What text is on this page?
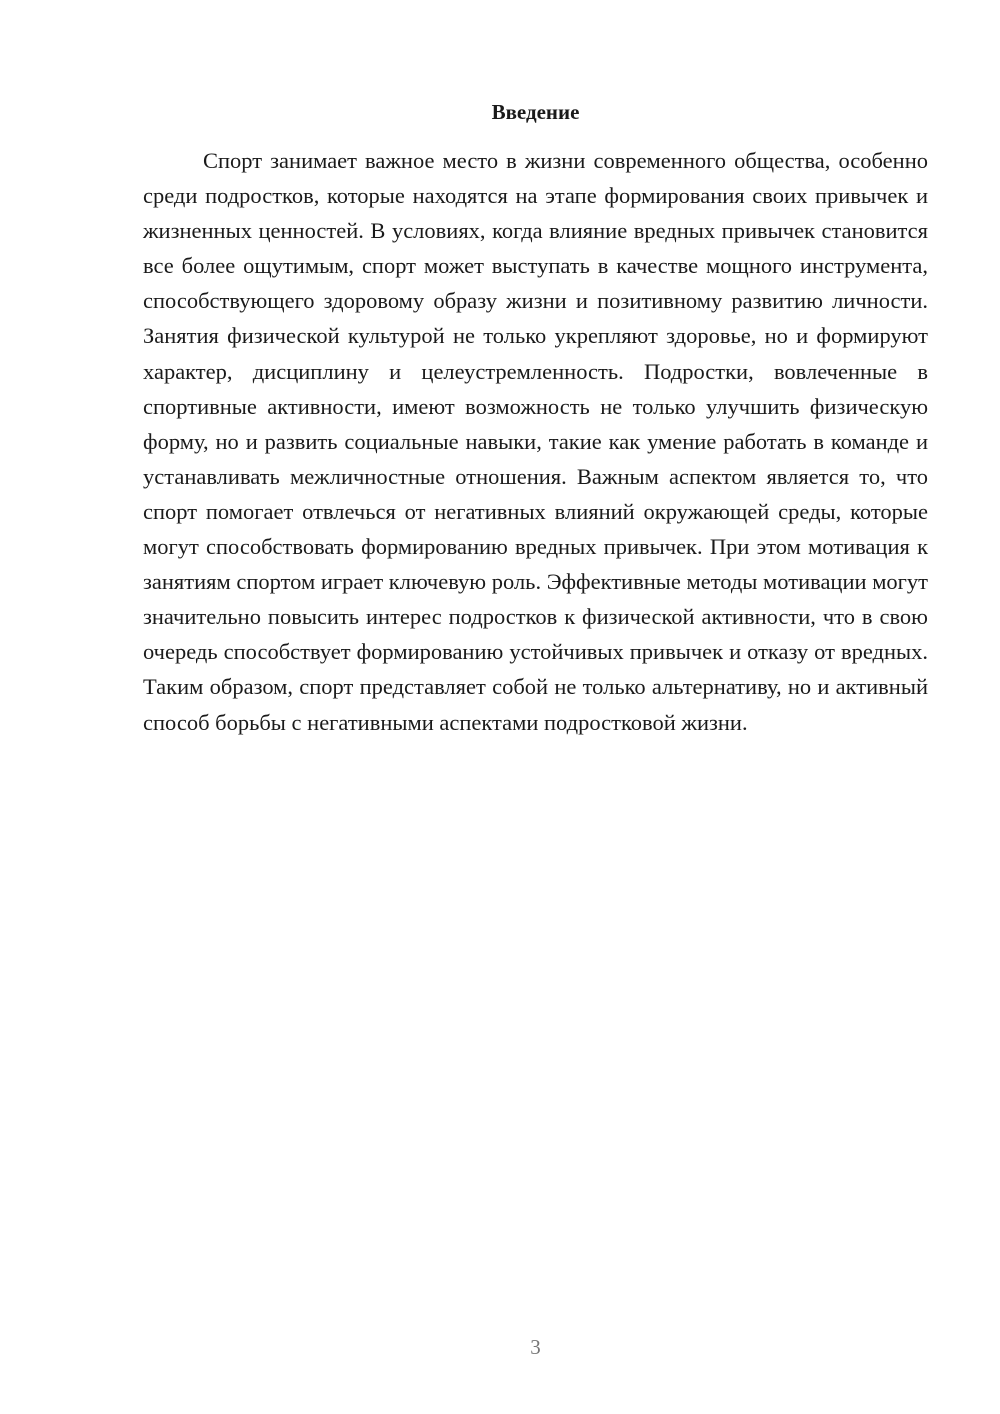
Введение

Спорт занимает важное место в жизни современного общества, особенно среди подростков, которые находятся на этапе формирования своих привычек и жизненных ценностей. В условиях, когда влияние вредных привычек становится все более ощутимым, спорт может выступать в качестве мощного инструмента, способствующего здоровому образу жизни и позитивному развитию личности. Занятия физической культурой не только укрепляют здоровье, но и формируют характер, дисциплину и целеустремленность. Подростки, вовлеченные в спортивные активности, имеют возможность не только улучшить физическую форму, но и развить социальные навыки, такие как умение работать в команде и устанавливать межличностные отношения. Важным аспектом является то, что спорт помогает отвлечься от негативных влияний окружающей среды, которые могут способствовать формированию вредных привычек. При этом мотивация к занятиям спортом играет ключевую роль. Эффективные методы мотивации могут значительно повысить интерес подростков к физической активности, что в свою очередь способствует формированию устойчивых привычек и отказу от вредных. Таким образом, спорт представляет собой не только альтернативу, но и активный способ борьбы с негативными аспектами подростковой жизни.

3
